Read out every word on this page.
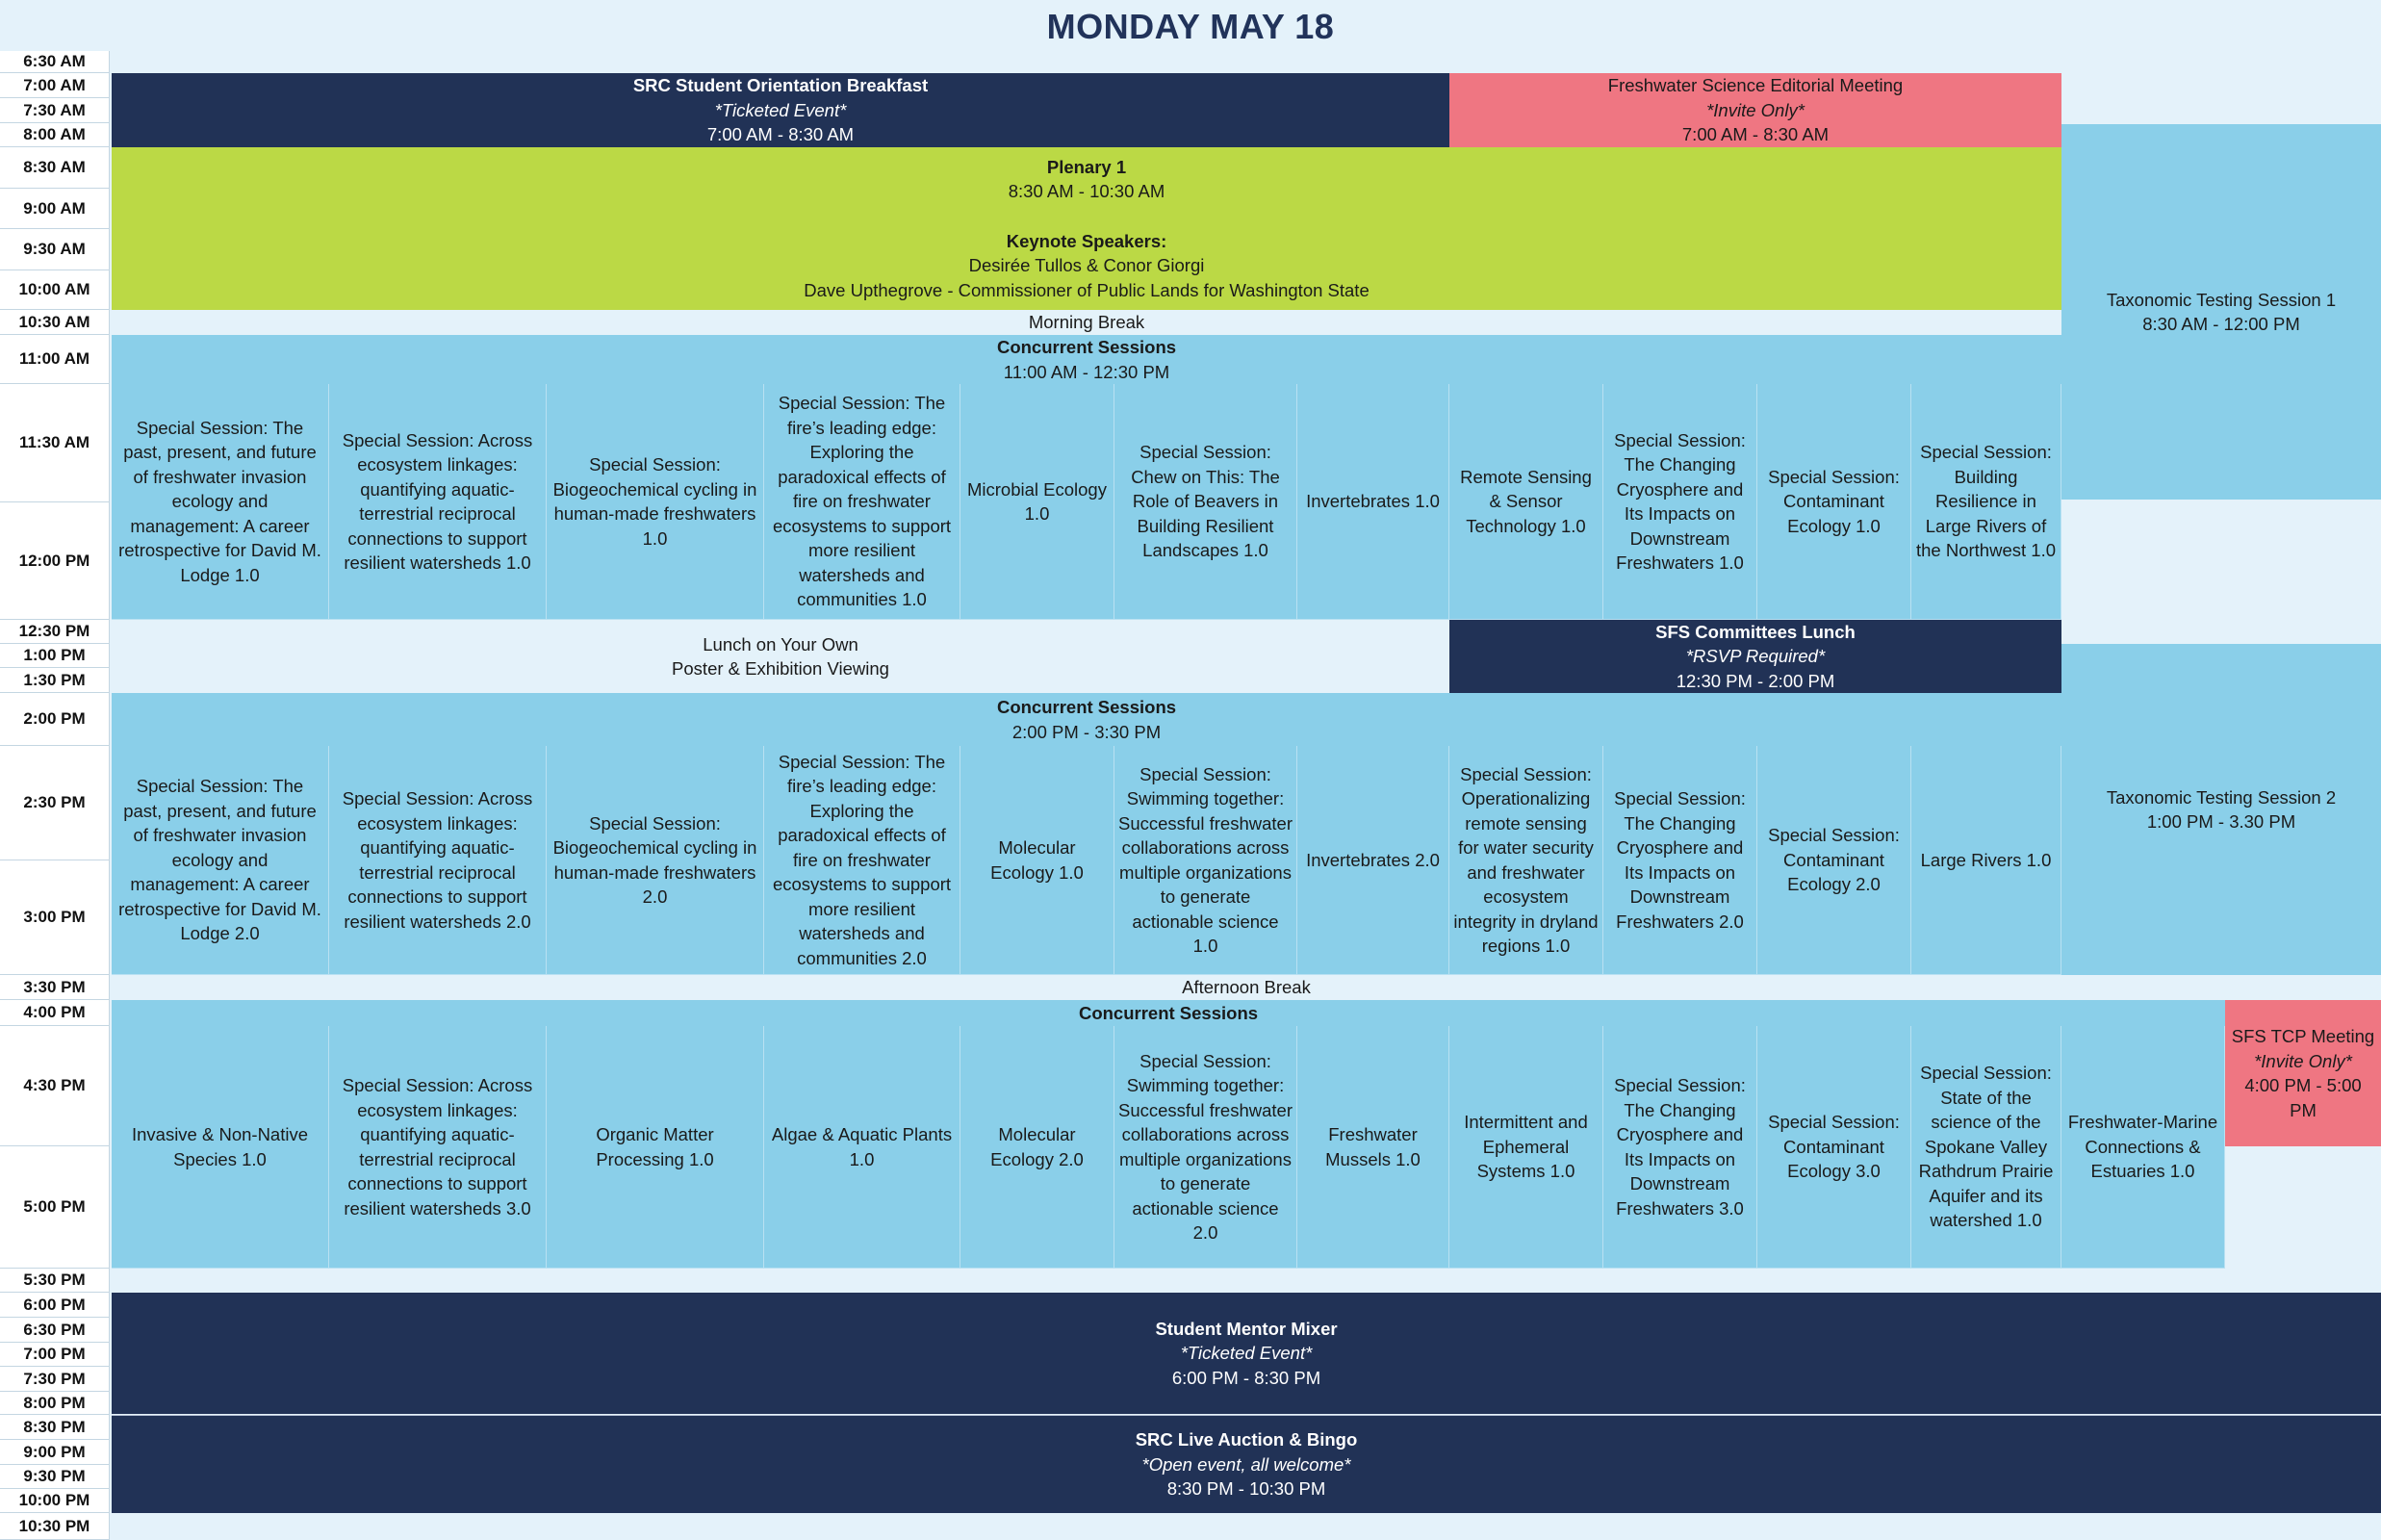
MONDAY MAY 18
6:30 AM
7:00 AM
7:30 AM
8:00 AM
8:30 AM
9:00 AM
9:30 AM
10:00 AM
10:30 AM
11:00 AM
11:30 AM
12:00 PM
12:30 PM
1:00 PM
1:30 PM
2:00 PM
2:30 PM
3:00 PM
3:30 PM
4:00 PM
4:30 PM
5:00 PM
5:30 PM
6:00 PM
6:30 PM
7:00 PM
7:30 PM
8:00 PM
8:30 PM
9:00 PM
9:30 PM
10:00 PM
10:30 PM
SRC Student Orientation Breakfast
*Ticketed Event*
7:00 AM - 8:30 AM
Freshwater Science Editorial Meeting
*Invite Only*
7:00 AM - 8:30 AM
Plenary 1
8:30 AM - 10:30 AM
Keynote Speakers:
Desirée Tullos & Conor Giorgi
Dave Upthegrove - Commissioner of Public Lands for Washington State	Taxonomic Testing Session 1
8:30 AM - 12:00 PM
Morning Break
Concurrent Sessions
11:00 AM - 12:30 PM
Special Session: The past, present, and future of freshwater invasion ecology and management: A career retrospective for David M. Lodge 1.0
Special Session: Across ecosystem linkages: quantifying aquatic-terrestrial reciprocal connections to support resilient watersheds 1.0
Special Session: Biogeochemical cycling in human-made freshwaters 1.0
Special Session: The fire’s leading edge: Exploring the paradoxical effects of fire on freshwater ecosystems to support more resilient watersheds and communities 1.0
Microbial Ecology 1.0
Special Session: Chew on This: The Role of Beavers in Building Resilient Landscapes 1.0
Invertebrates 1.0
Remote Sensing & Sensor Technology 1.0
Special Session: The Changing Cryosphere and Its Impacts on Downstream Freshwaters 1.0
Special Session: Contaminant Ecology 1.0
Special Session: Building Resilience in Large Rivers of the Northwest 1.0
Lunch on Your Own
Poster & Exhibition Viewing
SFS Committees Lunch
*RSVP Required*
12:30 PM - 2:00 PM
Taxonomic Testing Session 2
1:00 PM - 3.30 PM
Concurrent Sessions
2:00 PM - 3:30 PM
Special Session: The past, present, and future of freshwater invasion ecology and management: A career retrospective for David M. Lodge 2.0
Special Session: Across ecosystem linkages: quantifying aquatic-terrestrial reciprocal connections to support resilient watersheds 2.0
Special Session: Biogeochemical cycling in human-made freshwaters 2.0
Special Session: The fire’s leading edge: Exploring the paradoxical effects of fire on freshwater ecosystems to support more resilient watersheds and communities 2.0
Molecular Ecology 1.0
Special Session: Swimming together: Successful freshwater collaborations across multiple organizations to generate actionable science 1.0
Invertebrates 2.0
Special Session: Operationalizing remote sensing for water security and freshwater ecosystem integrity in dryland regions 1.0
Special Session: The Changing Cryosphere and Its Impacts on Downstream Freshwaters 2.0
Special Session: Contaminant Ecology 2.0
Large Rivers 1.0
Afternoon Break
Concurrent Sessions
SFS TCP Meeting
*Invite Only*
4:00 PM - 5:00 PM
Invasive & Non-Native Species 1.0
Special Session: Across ecosystem linkages: quantifying aquatic-terrestrial reciprocal connections to support resilient watersheds 3.0
Organic Matter Processing 1.0
Algae & Aquatic Plants 1.0
Molecular Ecology 2.0
Special Session: Swimming together: Successful freshwater collaborations across multiple organizations to generate actionable science 2.0
Freshwater Mussels 1.0
Intermittent and Ephemeral Systems 1.0
Special Session: The Changing Cryosphere and Its Impacts on Downstream Freshwaters 3.0
Special Session: Contaminant Ecology 3.0
Special Session: State of the science of the Spokane Valley Rathdrum Prairie Aquifer and its watershed 1.0
Freshwater-Marine Connections & Estuaries 1.0
Student Mentor Mixer
*Ticketed Event*
6:00 PM - 8:30 PM
SRC Live Auction & Bingo
*Open event, all welcome*
8:30 PM - 10:30 PM
